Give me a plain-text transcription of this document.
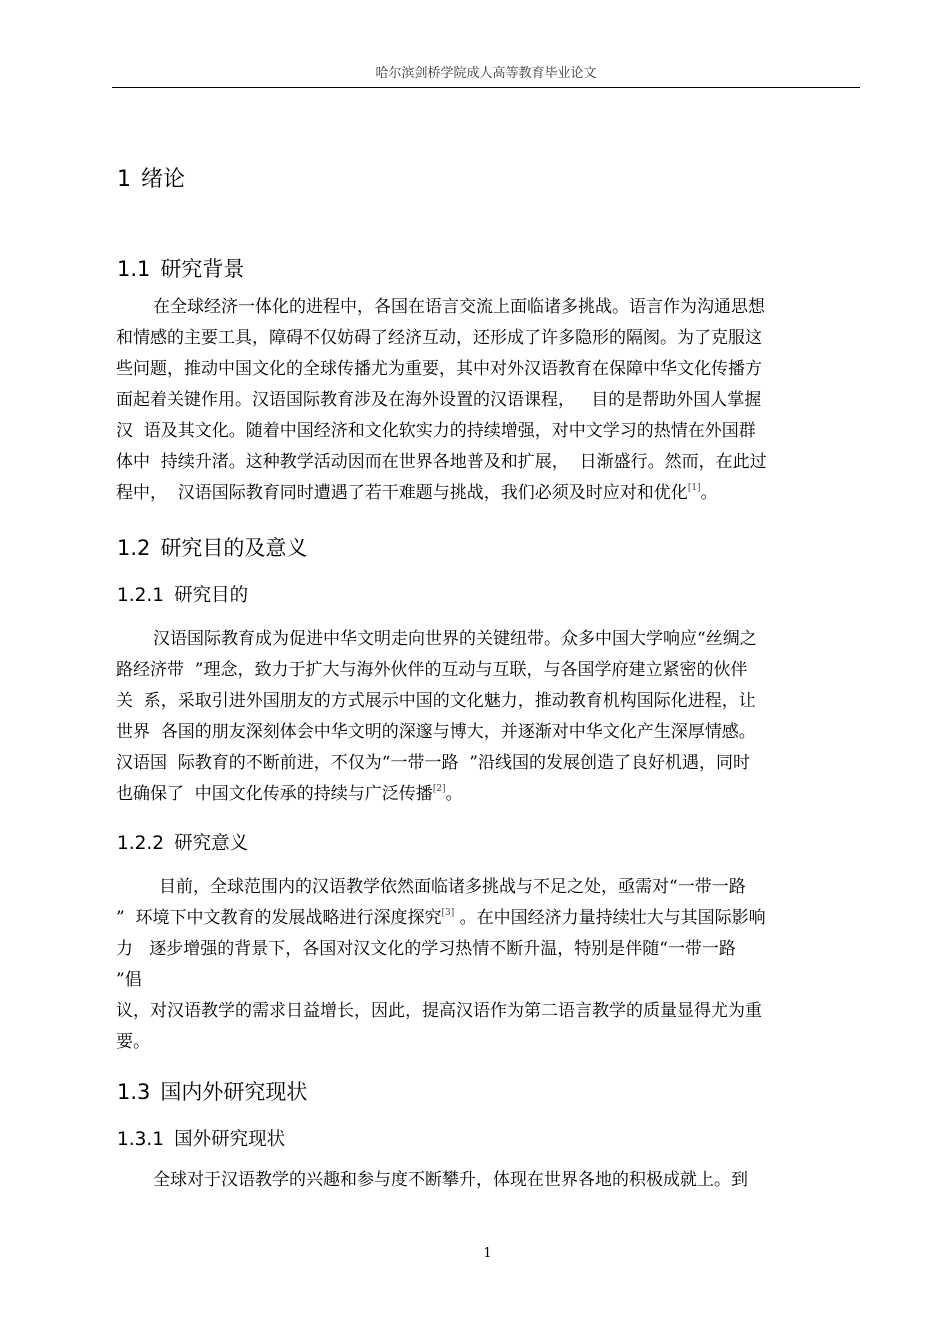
哈尔滨剑桥学院成人高等教育毕业论文
1 绪论
1.1 研究背景
在全球经济一体化的进程中，各国在语言交流上面临诸多挑战。语言作为沟通思想
和情感的主要工具，障碍不仅妨碍了经济互动，还形成了许多隐形的隔阂。为了克服这
些问题，推动中国文化的全球传播尤为重要，其中对外汉语教育在保障中华文化传播方
面起着关键作用。汉语国际教育涉及在海外设置的汉语课程，   目的是帮助外国人掌握
汉  语及其文化。随着中国经济和文化软实力的持续增强，对中文学习的热情在外国群
体中  持续升渚。这种教学活动因而在世界各地普及和扩展，  日渐盛行。然而，在此过
程中，  汉语国际教育同时遭遇了若干难题与挑战，我们必须及时应对和优化[1]。
1.2 研究目的及意义
1.2.1 研究目的
汉语国际教育成为促进中华文明走向世界的关键纽带。众多中国大学响应“丝绸之
路经济带  ”理念，致力于扩大与海外伙伴的互动与互联，与各国学府建立紧密的伙伴
关  系，采取引进外国朋友的方式展示中国的文化魅力，推动教育机构国际化进程，让
世界  各国的朋友深刻体会中华文明的深邃与博大，并逐渐对中华文化产生深厚情感。
汉语国  际教育的不断前进，不仅为“一带一路  ”沿线国的发展创造了良好机遇，同时
也确保了  中国文化传承的持续与广泛传播[2]。
1.2.2 研究意义
目前，全球范围内的汉语教学依然面临诸多挑战与不足之处，亟需对“一带一路
”  环境下中文教育的发展战略进行深度探究[3] 。在中国经济力量持续壮大与其国际影响
力   逐步增强的背景下，各国对汉文化的学习热情不断升温，特别是伴随“一带一路
”倡
议，对汉语教学的需求日益增长，因此，提高汉语作为第二语言教学的质量显得尤为重
要。
1.3 国内外研究现状
1.3.1 国外研究现状
全球对于汉语教学的兴趣和参与度不断攀升，体现在世界各地的积极成就上。到
1
